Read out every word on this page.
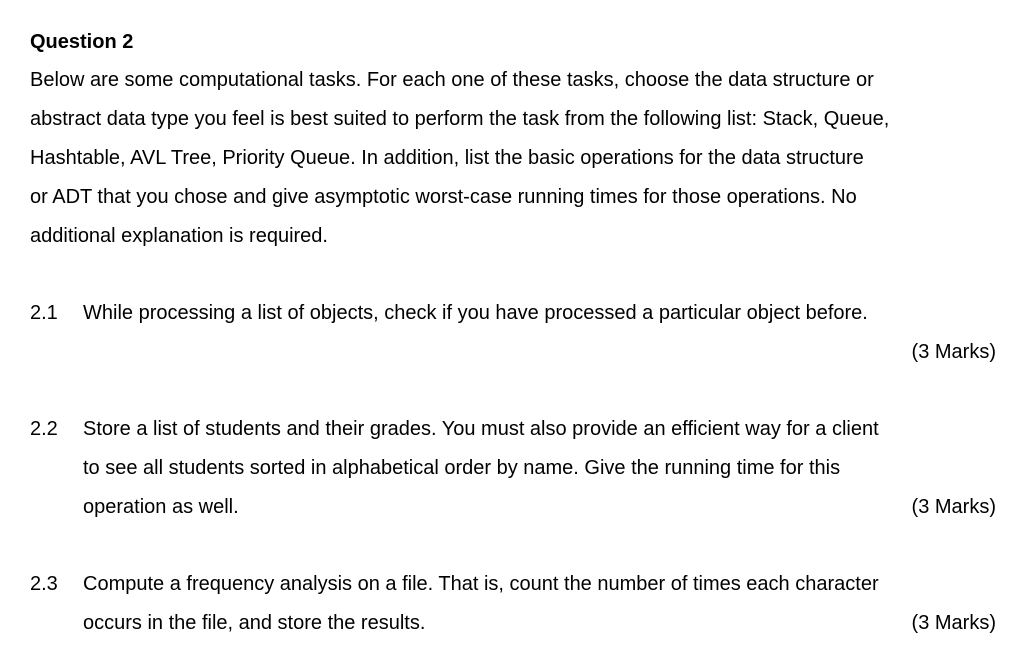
Question 2
Below are some computational tasks. For each one of these tasks, choose the data structure or
abstract data type you feel is best suited to perform the task from the following list: Stack, Queue,
Hashtable, AVL Tree, Priority Queue. In addition, list the basic operations for the data structure
or ADT that you chose and give asymptotic worst-case running times for those operations. No
additional explanation is required.
2.1 While processing a list of objects, check if you have processed a particular object before.
(3 Marks)
2.2 Store a list of students and their grades. You must also provide an efficient way for a client
to see all students sorted in alphabetical order by name. Give the running time for this
operation as well.	(3 Marks)
2.3 Compute a frequency analysis on a file. That is, count the number of times each character
occurs in the file, and store the results.	(3 Marks)
